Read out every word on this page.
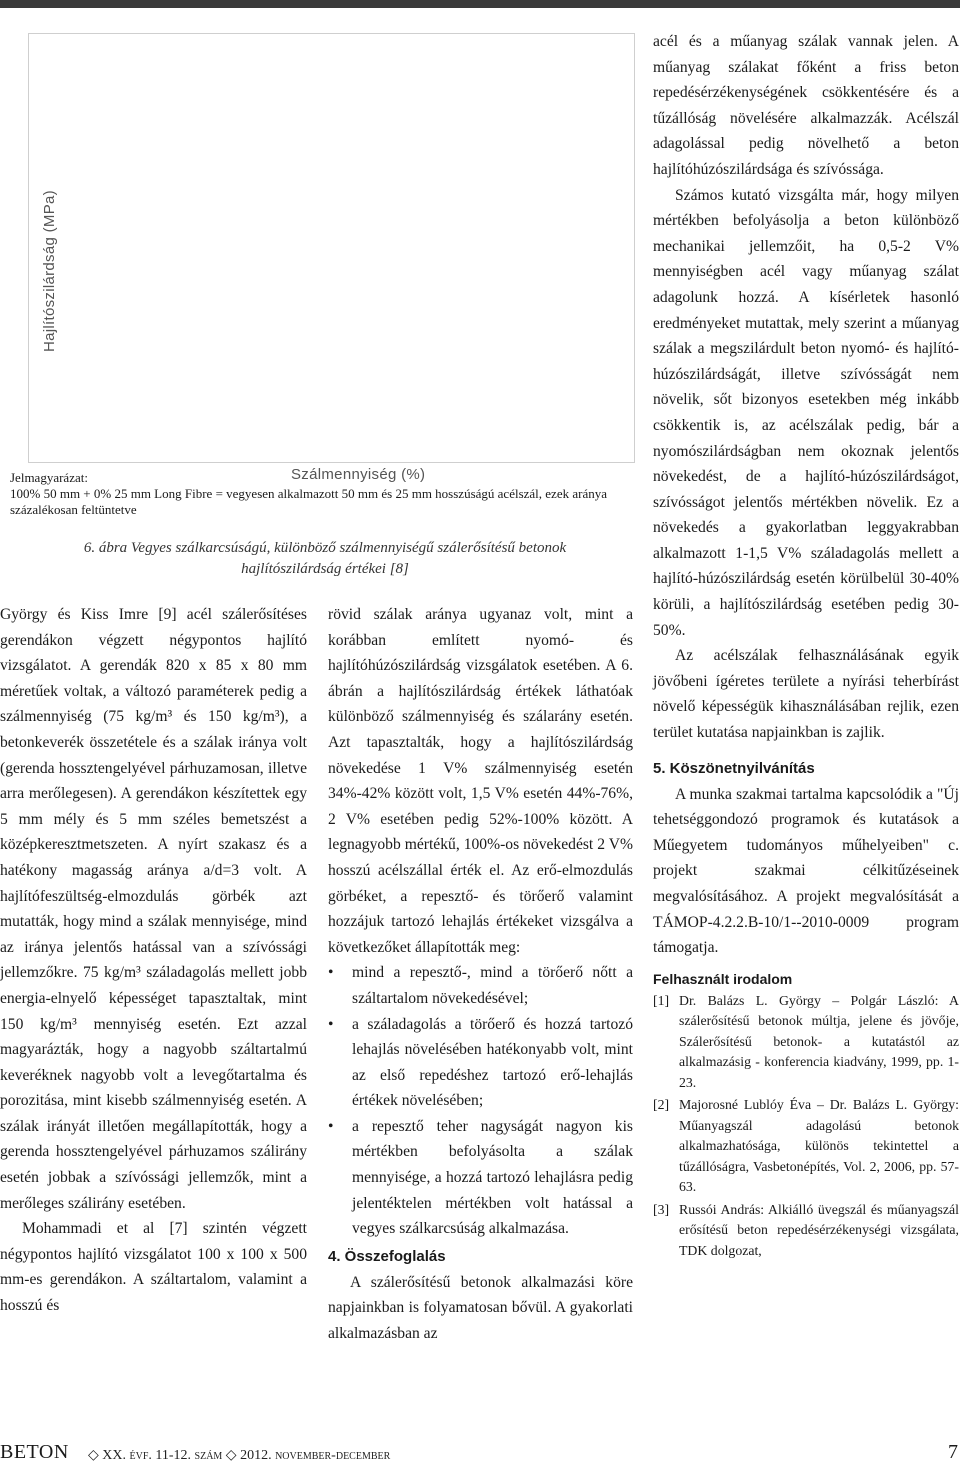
Hajlítószilárdság (MPa)
Szálmennyiség (%)

Jelmagyarázat:

100% 50 mm + 0% 25 mm Long Fibre = vegyesen alkalmazott 50 mm és 25 mm hosszúságú acélszál, ezek aránya százalékosan feltüntetve

6. ábra Vegyes szálkarcsúságú, különböző szálmennyiségű szálerősítésű betonok

hajlítószilárdság értékei [8]

György és Kiss Imre [9] acél szálerősítéses gerendákon végzett négypontos hajlító vizsgálatot. A gerendák 820 x 85 x 80 mm méretűek voltak, a változó paraméterek pedig a szálmennyiség (75 kg/m³ és 150 kg/m³), a betonkeverék összetétele és a szálak iránya volt (gerenda hossztengelyével párhuzamosan, illetve arra merőlegesen). A gerendákon készítettek egy 5 mm mély és 5 mm széles bemetszést a középkeresztmetszeten. A nyírt szakasz és a hatékony magasság aránya a/d=3 volt. A hajlítófeszültség-elmozdulás görbék azt mutatták, hogy mind a szálak mennyisége, mind az iránya jelentős hatással van a szívóssági jellemzőkre. 75 kg/m³ száladagolás mellett jobb energia-elnyelő képességet tapasztaltak, mint 150 kg/m³ mennyiség esetén. Ezt azzal magyarázták, hogy a nagyobb száltartalmú keveréknek nagyobb volt a levegőtartalma és porozitása, mint kisebb szálmennyiség esetén. A szálak irányát illetően megállapították, hogy a gerenda hossztengelyével párhuzamos szálirány esetén jobbak a szívóssági jellemzők, mint a merőleges szálirány esetében.

Mohammadi et al [7] szintén végzett négypontos hajlító vizsgálatot 100 x 100 x 500 mm-es gerendákon. A száltartalom, valamint a hosszú és

rövid szálak aránya ugyanaz volt, mint a korábban említett nyomó- és hajlítóhúzószilárdság vizsgálatok esetében. A 6. ábrán a hajlítószilárdság értékek láthatóak különböző szálmennyiség és szálarány esetén. Azt tapasztalták, hogy a hajlítószilárdság növekedése 1 V% szálmennyiség esetén 34%-42% között volt, 1,5 V% esetén 44%-76%, 2 V% esetében pedig 52%-100% között. A legnagyobb mértékű, 100%-os növekedést 2 V% hosszú acélszállal érték el. Az erő-elmozdulás görbéket, a repesztő- és törőerő valamint hozzájuk tartozó lehajlás értékeket vizsgálva a következőket állapították meg:

• mind a repesztő-, mind a törőerő nőtt a száltartalom növekedésével;
• a száladagolás a törőerő és hozzá tartozó lehajlás növelésében hatékonyabb volt, mint az első repedéshez tartozó erő-lehajlás értékek növelésében;
• a repesztő teher nagyságát nagyon kis mértékben befolyásolta a szálak mennyisége, a hozzá tartozó lehajlásra pedig jelentéktelen mértékben volt hatással a vegyes szálkarcsúság alkalmazása.
4. Összefoglalás

A szálerősítésű betonok alkalmazási köre napjainkban is folyamatosan bővül. A gyakorlati alkalmazásban az

acél és a műanyag szálak vannak jelen. A műanyag szálakat főként a friss beton repedésérzékenységének csökkentésére és a tűzállóság növelésére alkalmazzák. Acélszál adagolással pedig növelhető a beton hajlítóhúzószilárdsága és szívóssága.

Számos kutató vizsgálta már, hogy milyen mértékben befolyásolja a beton különböző mechanikai jellemzőit, ha 0,5-2 V% mennyiségben acél vagy műanyag szálat adagolunk hozzá. A kísérletek hasonló eredményeket mutattak, mely szerint a műanyag szálak a megszilárdult beton nyomó- és hajlító-húzószilárdságát, illetve szívósságát nem növelik, sőt bizonyos esetekben még inkább csökkentik is, az acélszálak pedig, bár a nyomószilárdságban nem okoznak jelentős növekedést, de a hajlító-húzószilárdságot, szívósságot jelentős mértékben növelik. Ez a növekedés a gyakorlatban leggyakrabban alkalmazott 1-1,5 V% száladagolás mellett a hajlító-húzószilárdság esetén körülbelül 30-40% körüli, a hajlítószilárdság esetében pedig 30-50%.

Az acélszálak felhasználásának egyik jövőbeni ígéretes területe a nyírási teherbírást növelő képességük kihasználásában rejlik, ezen terület kutatása napjainkban is zajlik.

5. Köszönetnyilvánítás

A munka szakmai tartalma kapcsolódik a "Új tehetséggondozó programok és kutatások a Műegyetem tudományos műhelyeiben" c. projekt szakmai célkitűzéseinek megvalósításához. A projekt megvalósítását a TÁMOP-4.2.2.B-10/1--2010-0009 program támogatja.

Felhasznált irodalom
[1] Dr. Balázs L. György – Polgár László: A szálerősítésű betonok múltja, jelene és jövője, Szálerősítésű betonok- a kutatástól az alkalmazásig - konferencia kiadvány, 1999, pp. 1-23.
[2] Majorosné Lublóy Éva – Dr. Balázs L. György: Műanyagszál adagolású betonok alkalmazhatósága, különös tekintettel a tűzállóságra, Vasbetonépítés, Vol. 2, 2006, pp. 57-63.
[3] Russói András: Alkiálló üvegszál és műanyagszál erősítésű beton repedésérzékenységi vizsgálata, TDK dolgozat,
BETON ◇ XX. évf. 11-12. szám ◇ 2012. november-december	7
